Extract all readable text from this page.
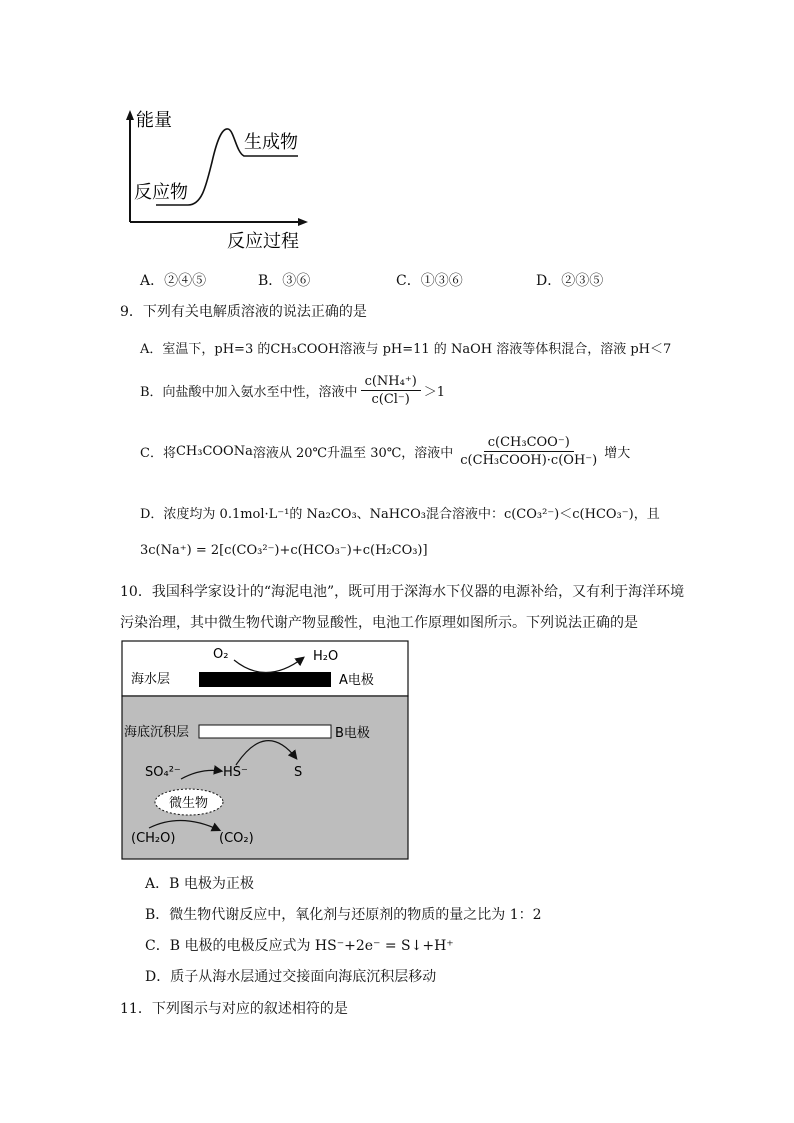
能量
生成物
反应物
反应过程
A．②④⑤	B．③⑥	C．①③⑥	D．②③⑤
9．下列有关电解质溶液的说法正确的是
A．室温下，pH=3 的CH₃COOH溶液与 pH=11 的 NaOH 溶液等体积混合，溶液 pH＜7
B．向盐酸中加入氨水至中性，溶液中 $\frac{\text{c(NH₄⁺)}}{c(Cl^-)} >1$
C．将 CH₃COONa 溶液从 20℃升温至 30℃，溶液中 $\frac{\text{c(CH₃COO⁻)}}{\text{c(CH₃COOH)·c(OH⁻)}}$ 增大
D．浓度均为 0.1mol·L⁻¹的 Na₂CO₃、NaHCO₃混合溶液中：c(CO₃²⁻)＜c(HCO₃⁻)，且
3c(Na⁺) = 2[c(CO₃²⁻)+c(HCO₃⁻)+c(H₂CO₃)]
10．我国科学家设计的“海泥电池”，既可用于深海水下仪器的电源补给，又有利于海洋环境
污染治理，其中微生物代谢产物显酸性，电池工作原理如图所示。下列说法正确的是
O₂	H₂O
海水层	A电极
海底沉积层	B电极
SO₄²⁻	HS⁻	S
微生物
(CH₂O)	(CO₂)
A．B 电极为正极
B．微生物代谢反应中，氧化剂与还原剂的物质的量之比为 1：2
C．B 电极的电极反应式为 HS⁻+2e⁻ = S↓+H⁺
D．质子从海水层通过交接面向海底沉积层移动
11．下列图示与对应的叙述相符的是
